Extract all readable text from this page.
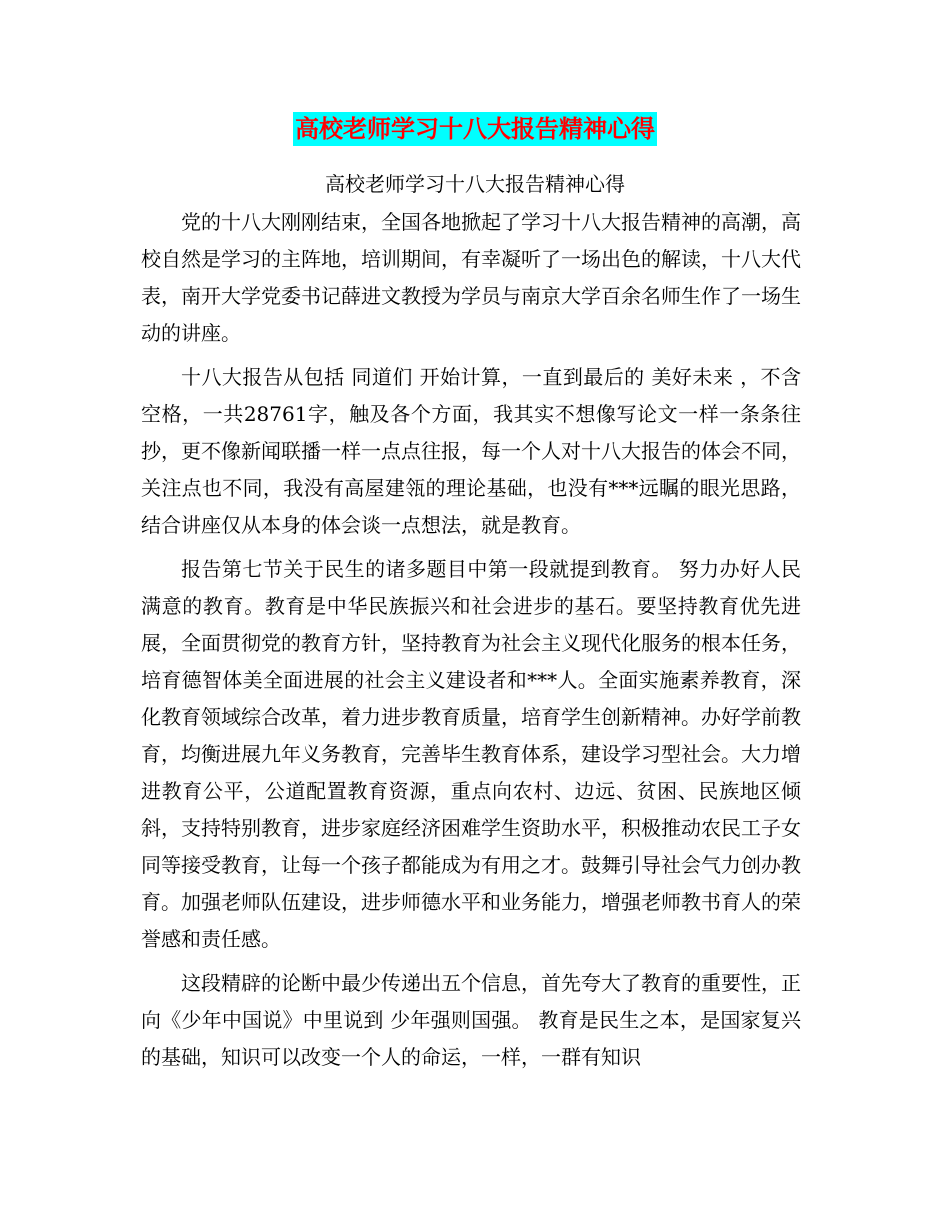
高校老师学习十八大报告精神心得
高校老师学习十八大报告精神心得

党的十八大刚刚结束，全国各地掀起了学习十八大报告精神的高潮，高校自然是学习的主阵地，培训期间，有幸凝听了一场出色的解读，十八大代表，南开大学党委书记薛进文教授为学员与南京大学百余名师生作了一场生动的讲座。

十八大报告从包括 同道们 开始计算，一直到最后的 美好未来 ，不含空格，一共28761字，触及各个方面，我其实不想像写论文一样一条条往抄，更不像新闻联播一样一点点往报，每一个人对十八大报告的体会不同，关注点也不同，我没有高屋建瓴的理论基础，也没有***远瞩的眼光思路，结合讲座仅从本身的体会谈一点想法，就是教育。

报告第七节关于民生的诸多题目中第一段就提到教育。 努力办好人民满意的教育。教育是中华民族振兴和社会进步的基石。要坚持教育优先进展，全面贯彻党的教育方针，坚持教育为社会主义现代化服务的根本任务，培育德智体美全面进展的社会主义建设者和***人。全面实施素养教育，深化教育领域综合改革，着力进步教育质量，培育学生创新精神。办好学前教育，均衡进展九年义务教育，完善毕生教育体系，建设学习型社会。大力增进教育公平，公道配置教育资源，重点向农村、边远、贫困、民族地区倾斜，支持特别教育，进步家庭经济困难学生资助水平，积极推动农民工子女同等接受教育，让每一个孩子都能成为有用之才。鼓舞引导社会气力创办教育。加强老师队伍建设，进步师德水平和业务能力，增强老师教书育人的荣誉感和责任感。

这段精辟的论断中最少传递出五个信息，首先夸大了教育的重要性，正向《少年中国说》中里说到 少年强则国强。 教育是民生之本，是国家复兴的基础，知识可以改变一个人的命运，一样，一群有知识
